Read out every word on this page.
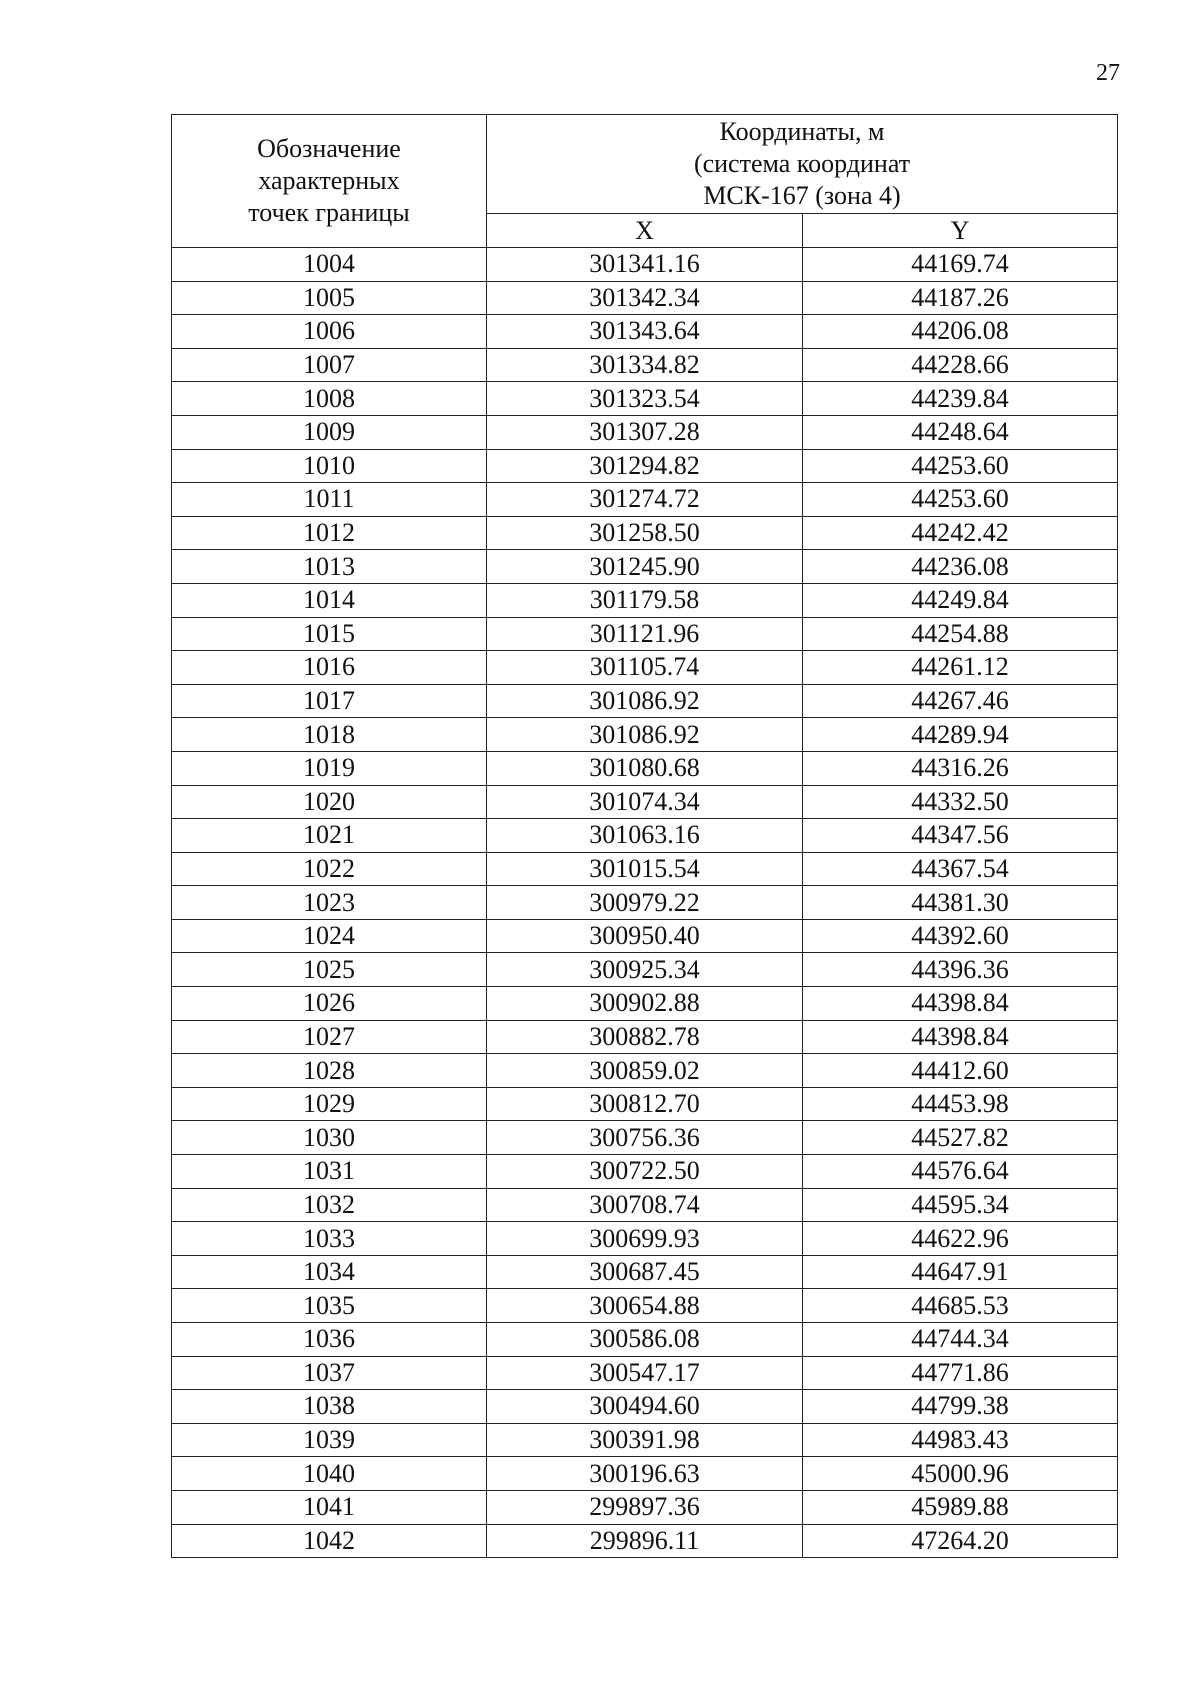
27
Обозначение
характерных
точек границы	Координаты, м
(система координат
МСК-167 (зона 4)	

	X	Y
1004	301341.16	44169.74
1005	301342.34	44187.26
1006	301343.64	44206.08
1007	301334.82	44228.66
1008	301323.54	44239.84
1009	301307.28	44248.64
1010	301294.82	44253.60
1011	301274.72	44253.60
1012	301258.50	44242.42
1013	301245.90	44236.08
1014	301179.58	44249.84
1015	301121.96	44254.88
1016	301105.74	44261.12
1017	301086.92	44267.46
1018	301086.92	44289.94
1019	301080.68	44316.26
1020	301074.34	44332.50
1021	301063.16	44347.56
1022	301015.54	44367.54
1023	300979.22	44381.30
1024	300950.40	44392.60
1025	300925.34	44396.36
1026	300902.88	44398.84
1027	300882.78	44398.84
1028	300859.02	44412.60
1029	300812.70	44453.98
1030	300756.36	44527.82
1031	300722.50	44576.64
1032	300708.74	44595.34
1033	300699.93	44622.96
1034	300687.45	44647.91
1035	300654.88	44685.53
1036	300586.08	44744.34
1037	300547.17	44771.86
1038	300494.60	44799.38
1039	300391.98	44983.43
1040	300196.63	45000.96
1041	299897.36	45989.88
1042	299896.11	47264.20
